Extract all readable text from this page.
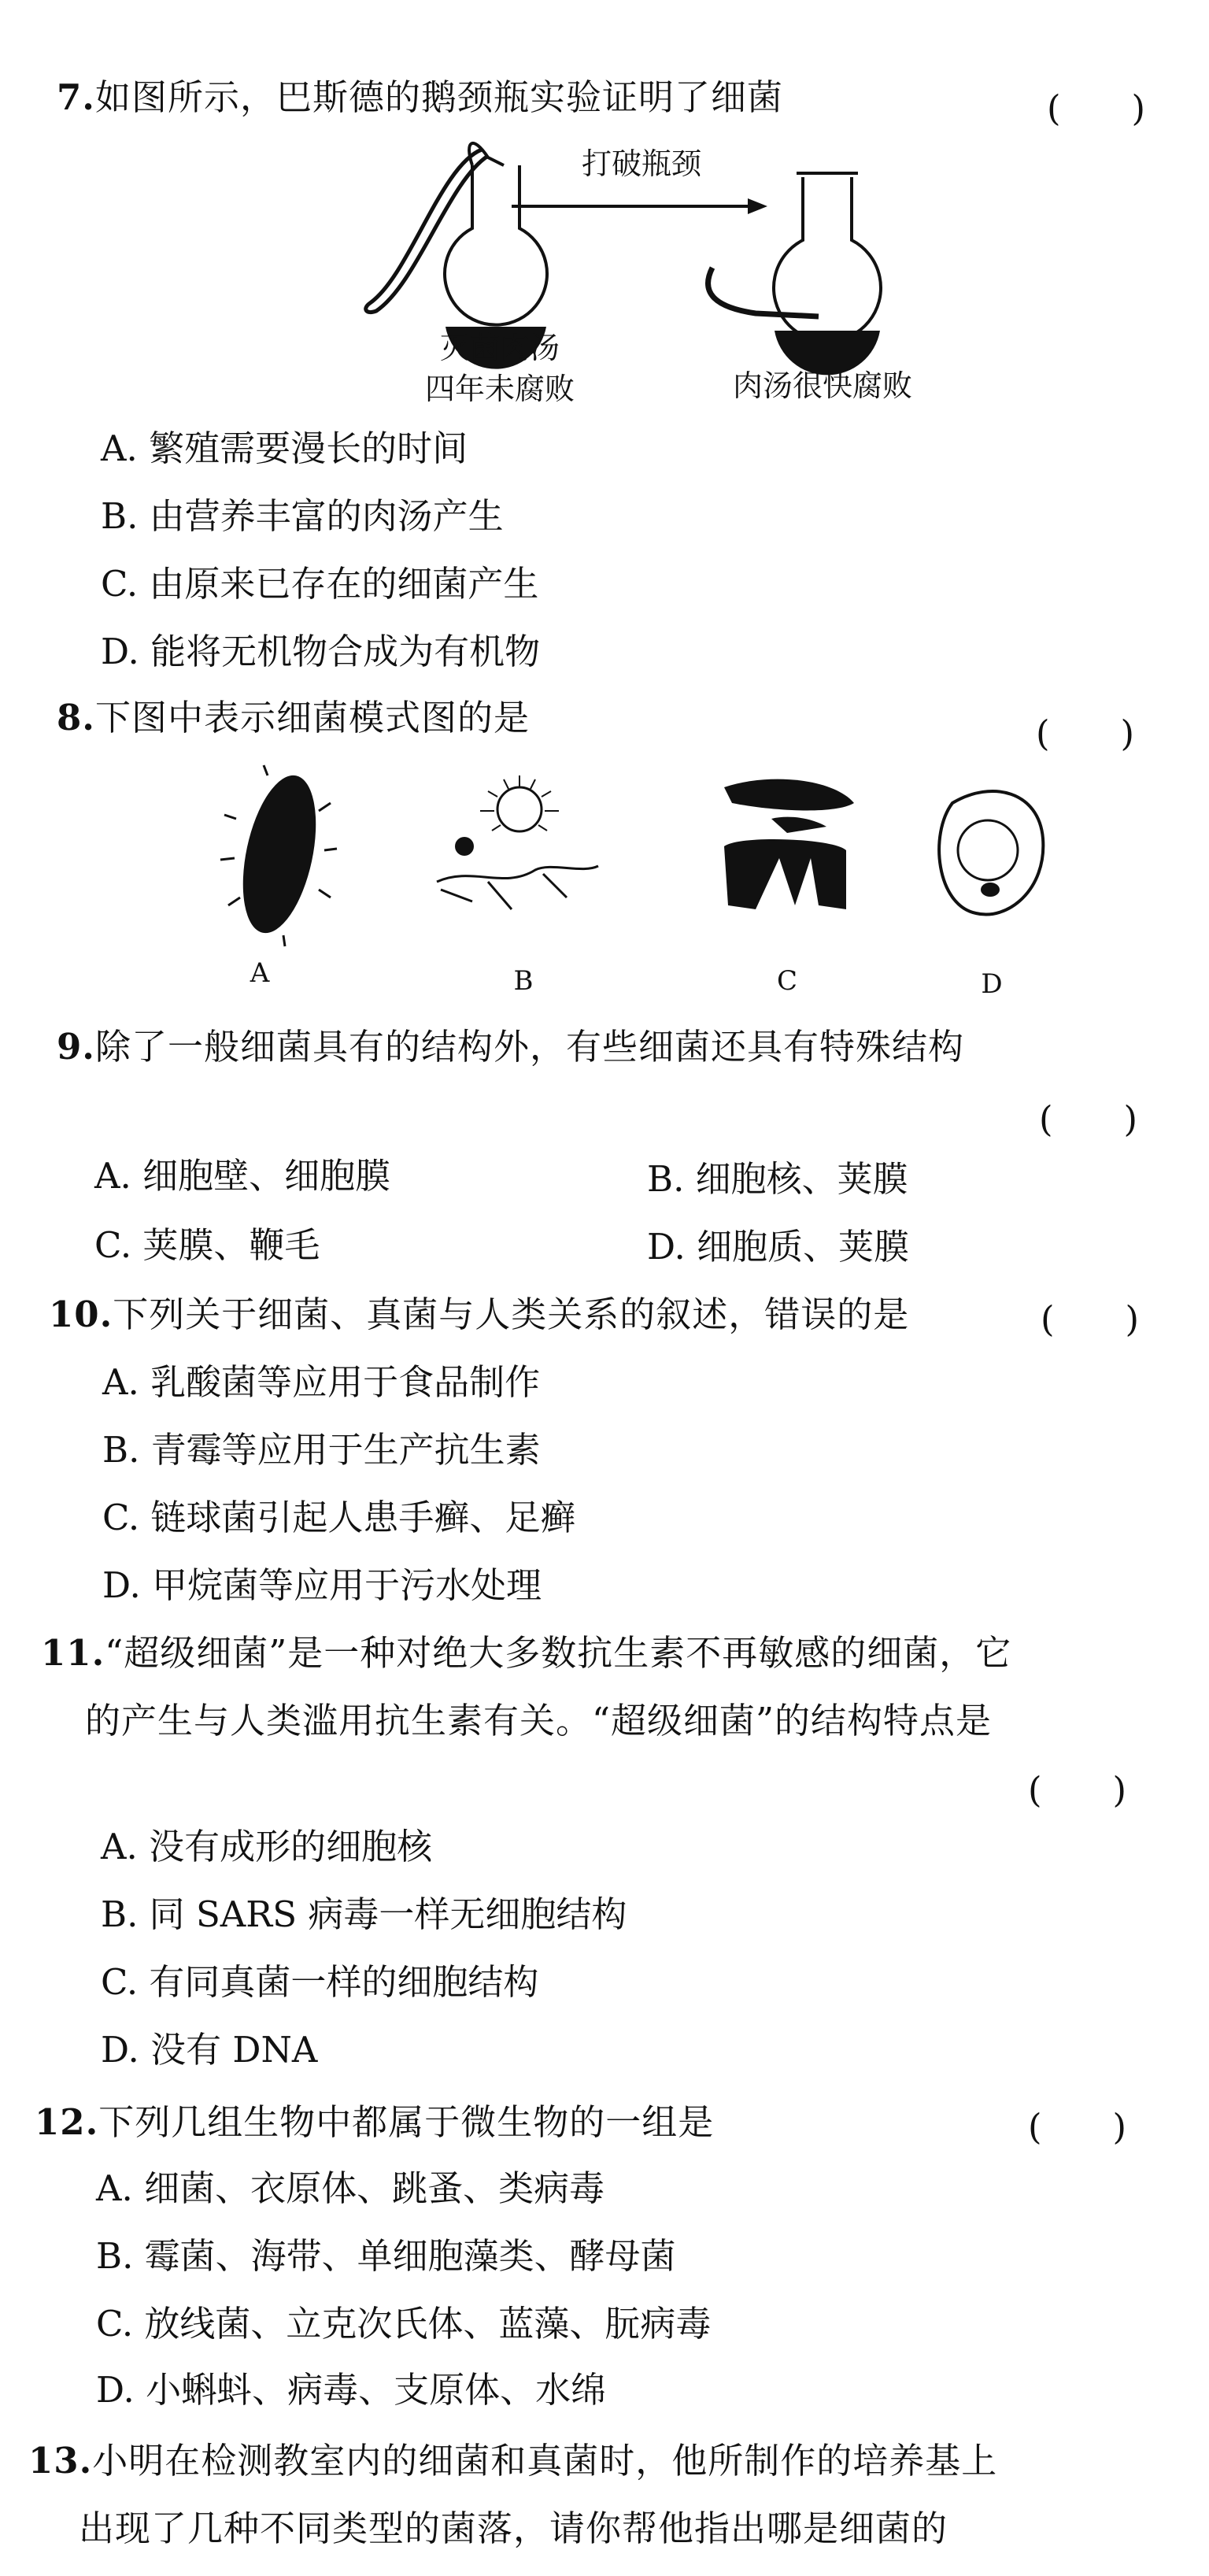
7.如图所示，巴斯德的鹅颈瓶实验证明了细菌	(　　)
打破瓶颈
灭菌肉汤
四年未腐败	肉汤很快腐败
A. 繁殖需要漫长的时间
B. 由营养丰富的肉汤产生
C. 由原来已存在的细菌产生
D. 能将无机物合成为有机物
8.下图中表示细菌模式图的是	(　　)
A	B	C	D
9.除了一般细菌具有的结构外，有些细菌还具有特殊结构
(　　)
A. 细胞壁、细胞膜	B. 细胞核、荚膜
C. 荚膜、鞭毛	D. 细胞质、荚膜
10.下列关于细菌、真菌与人类关系的叙述，错误的是	(　　)
A. 乳酸菌等应用于食品制作
B. 青霉等应用于生产抗生素
C. 链球菌引起人患手癣、足癣
D. 甲烷菌等应用于污水处理
11.“超级细菌”是一种对绝大多数抗生素不再敏感的细菌，它
的产生与人类滥用抗生素有关。“超级细菌”的结构特点是
(　　)
A. 没有成形的细胞核
B. 同 SARS 病毒一样无细胞结构
C. 有同真菌一样的细胞结构
D. 没有 DNA
12.下列几组生物中都属于微生物的一组是	(　　)
A. 细菌、衣原体、跳蚤、类病毒
B. 霉菌、海带、单细胞藻类、酵母菌
C. 放线菌、立克次氏体、蓝藻、朊病毒
D. 小蝌蚪、病毒、支原体、水绵
13.小明在检测教室内的细菌和真菌时，他所制作的培养基上
出现了几种不同类型的菌落，请你帮他指出哪是细菌的
